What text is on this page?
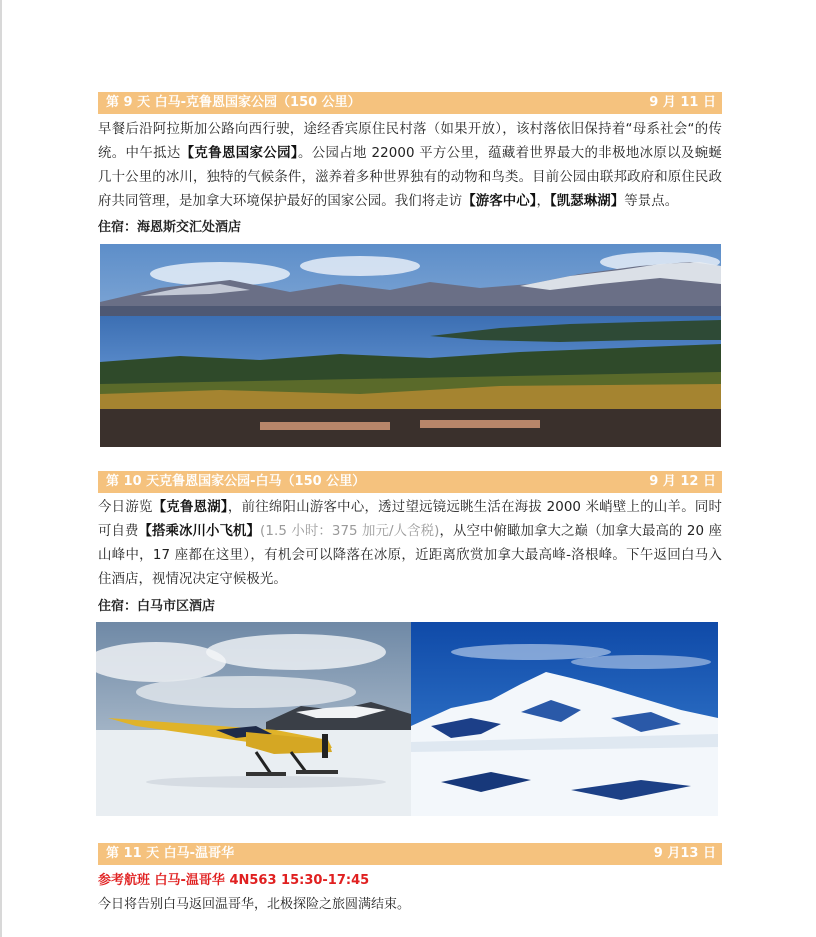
第 9 天 白马-克鲁恩国家公园（150 公里）	9 月 11 日
早餐后沿阿拉斯加公路向西行驶，途经香宾原住民村落（如果开放），该村落依旧保持着“母系社会“的传统。中午抵达【克鲁恩国家公园】。公园占地 22000 平方公里，蕴藏着世界最大的非极地冰原以及蜿蜒几十公里的冰川，独特的气候条件，滋养着多种世界独有的动物和鸟类。目前公园由联邦政府和原住民政府共同管理，是加拿大环境保护最好的国家公园。我们将走访【游客中心】，【凯瑟琳湖】等景点。
住宿：海恩斯交汇处酒店
第 10 天克鲁恩国家公园-白马（150 公里）	9 月 12 日
今日游览【克鲁恩湖】，前往绵阳山游客中心，透过望远镜远眺生活在海拔 2000 米峭壁上的山羊。同时可自费【搭乘冰川小飞机】(1.5 小时：375 加元/人含税)，从空中俯瞰加拿大之巅（加拿大最高的 20 座山峰中，17 座都在这里），有机会可以降落在冰原，近距离欣赏加拿大最高峰-洛根峰。下午返回白马入住酒店，视情况决定守候极光。
住宿：白马市区酒店
第 11 天 白马-温哥华	9 月13 日
参考航班 白马-温哥华 4N563 15:30-17:45
今日将告别白马返回温哥华，北极探险之旅圆满结束。
